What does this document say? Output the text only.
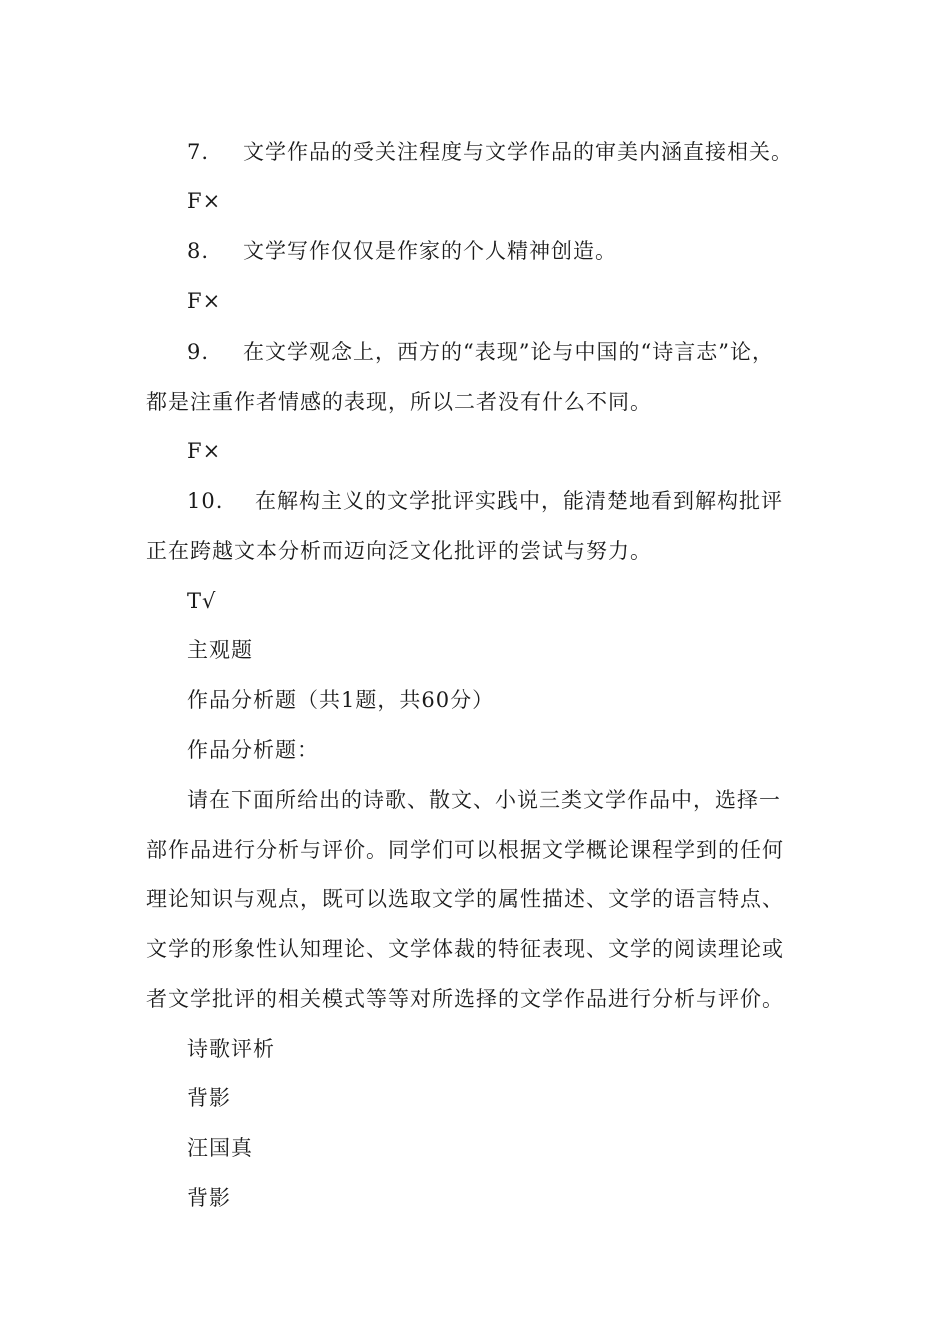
7. 文学作品的受关注程度与文学作品的审美内涵直接相关。
F×
8. 文学写作仅仅是作家的个人精神创造。
F×
9. 在文学观念上，西方的“表现”论与中国的“诗言志”论，
都是注重作者情感的表现，所以二者没有什么不同。
F×
10. 在解构主义的文学批评实践中，能清楚地看到解构批评
正在跨越文本分析而迈向泛文化批评的尝试与努力。
T√
主观题
作品分析题（共1题，共60分）
作品分析题：
请在下面所给出的诗歌、散文、小说三类文学作品中，选择一
部作品进行分析与评价。同学们可以根据文学概论课程学到的任何
理论知识与观点，既可以选取文学的属性描述、文学的语言特点、
文学的形象性认知理论、文学体裁的特征表现、文学的阅读理论或
者文学批评的相关模式等等对所选择的文学作品进行分析与评价。
诗歌评析
背影
汪国真
背影
